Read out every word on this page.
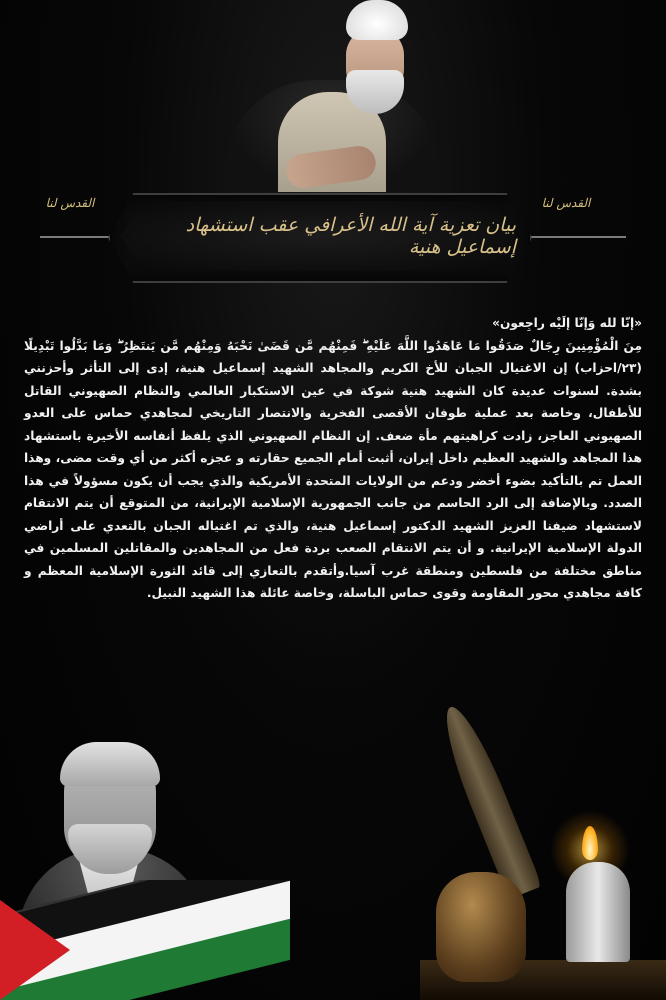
بیان تعزیة آية الله الأعرافي عقب استشهاد إسماعیل هنية
القدس لنا	القدس لنا
«إنّا لله وَإنّا إلَيْه راجِعون»
مِنَ الْمُؤْمِنِينَ رِجَالٌ صَدَقُوا مَا عَاهَدُوا اللَّهَ عَلَيْهِ ۖ فَمِنْهُم مَّن قَضَىٰ نَحْبَهُ وَمِنْهُم مَّن يَنتَظِرُ ۖ وَمَا بَدَّلُوا تَبْدِيلًا (٢٣/احزاب) إن الاغتيال الجبان للأخ الكريم والمجاهد الشهيد إسماعيل هنية، إدى إلى التأثر وأحزنني بشدة. لسنوات عديدة كان الشهيد هنية شوكة في عين الاستكبار العالمي والنظام الصهيوني القاتل للأطفال، وخاصة بعد عملية طوفان الأقصى الفخرية والانتصار التاريخي لمجاهدي حماس على العدو الصهيوني العاجز، زادت كراهيتهم مأة ضعف. إن النظام الصهيوني الذي يلفظ أنفاسه الأخيرة باستشهاد هذا المجاهد والشهيد العظيم داخل إيران، أثبت أمام الجميع حقارته و عجزه أكثر من أي وقت مضى، وهذا العمل تم بالتأكيد بضوء أخضر ودعم من الولايات المتحدة الأمريكية والذي يجب أن يكون مسؤولاً في هذا الصدد. وبالإضافة إلى الرد الحاسم من جانب الجمهورية الإسلامية الإيرانية، من المتوقع أن يتم الانتقام لاستشهاد ضيفنا العزيز الشهيد الدكتور إسماعيل هنية، والذي تم اغتياله الجبان بالتعدي على أراضي الدولة الإسلامية الإيرانية. و أن يتم الانتقام الصعب بردة فعل من المجاهدين والمقاتلين المسلمين في مناطق مختلفة من فلسطين ومنطقة غرب آسيا.وأتقدم بالتعازي إلى قائد الثورة الإسلامية المعظم و كافة مجاهدي محور المقاومة وقوى حماس الباسلة، وخاصة عائلة هذا الشهيد النبيل.
